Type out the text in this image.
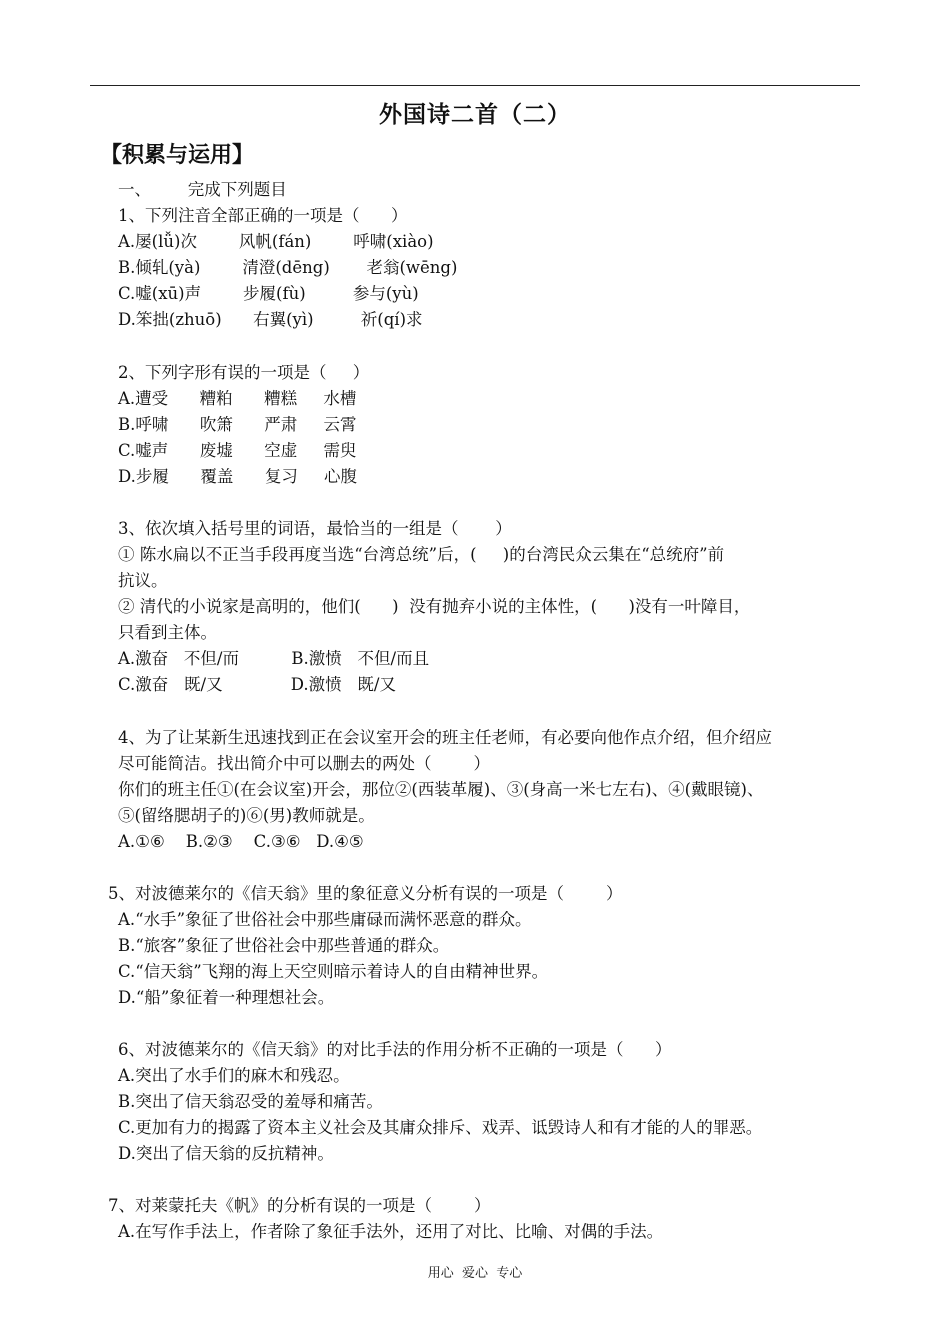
外国诗二首（二）
【积累与运用】
一、       完成下列题目
1、下列注音全部正确的一项是（      ）
A.屡(lǚ)次        风帆(fán)        呼啸(xiào)
B.倾轧(yà)        清澄(dēng)       老翁(wēng)
C.嘘(xū)声        步履(fù)         参与(yù)
D.笨拙(zhuō)      右翼(yì)         祈(qí)求
2、下列字形有误的一项是（     ）
A.遭受      糟粕      糟糕     水槽
B.呼啸      吹箫      严肃     云霄
C.嘘声      废墟      空虚     需臾
D.步履      覆盖      复习     心腹
3、依次填入括号里的词语，最恰当的一组是（       ）
① 陈水扁以不正当手段再度当选“台湾总统”后，(     )的台湾民众云集在“总统府”前
抗议。
② 清代的小说家是高明的，他们(      )  没有抛弃小说的主体性，(      )没有一叶障目，
只看到主体。
A.激奋   不但/而          B.激愤   不但/而且
C.激奋   既/又             D.激愤   既/又
4、为了让某新生迅速找到正在会议室开会的班主任老师，有必要向他作点介绍，但介绍应
尽可能简洁。找出简介中可以删去的两处（        ）
你们的班主任①(在会议室)开会，那位②(西装革履)、③(身高一米七左右)、④(戴眼镜)、
⑤(留络腮胡子的)⑥(男)教师就是。
A.①⑥    B.②③    C.③⑥   D.④⑤
5、对波德莱尔的《信天翁》里的象征意义分析有误的一项是（        ）
A.“水手”象征了世俗社会中那些庸碌而满怀恶意的群众。
B.“旅客”象征了世俗社会中那些普通的群众。
C.“信天翁”飞翔的海上天空则暗示着诗人的自由精神世界。
D.“船”象征着一种理想社会。
6、对波德莱尔的《信天翁》的对比手法的作用分析不正确的一项是（      ）
A.突出了水手们的麻木和残忍。
B.突出了信天翁忍受的羞辱和痛苦。
C.更加有力的揭露了资本主义社会及其庸众排斥、戏弄、诋毁诗人和有才能的人的罪恶。
D.突出了信天翁的反抗精神。
7、对莱蒙托夫《帆》的分析有误的一项是（        ）
A.在写作手法上，作者除了象征手法外，还用了对比、比喻、对偶的手法。
用心  爱心  专心
